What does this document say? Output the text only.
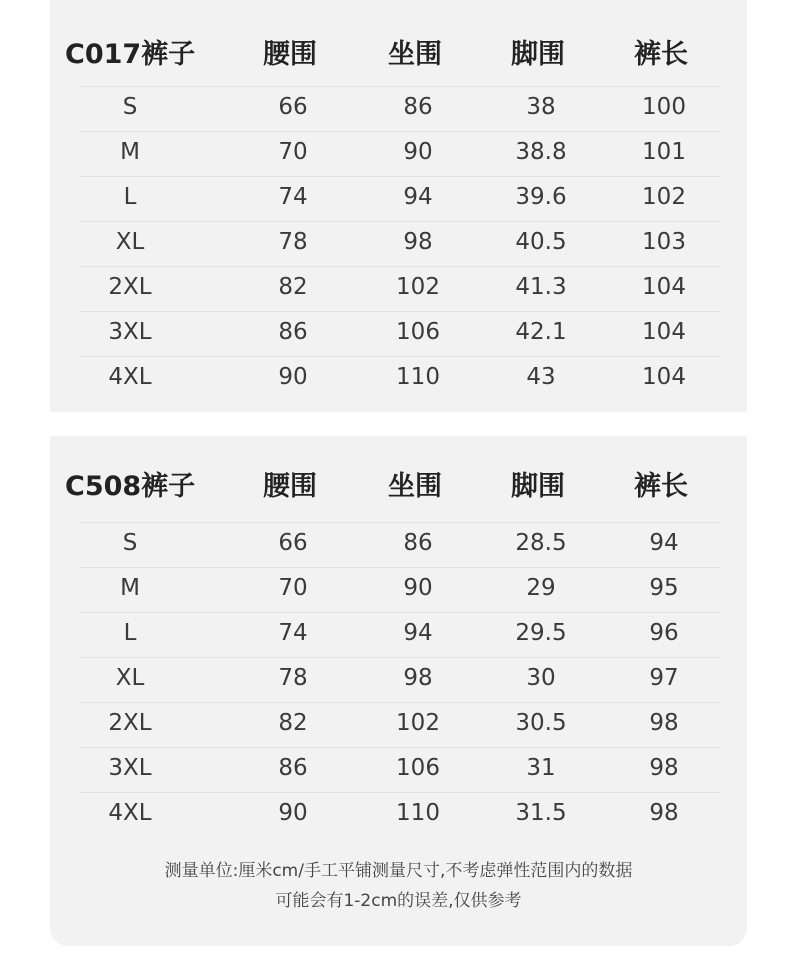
C017裤子	腰围	坐围	脚围	裤长
S	66	86	38	100
M	70	90	38.8	101
L	74	94	39.6	102
XL	78	98	40.5	103
2XL	82	102	41.3	104
3XL	86	106	42.1	104
4XL	90	110	43	104
C508裤子	腰围	坐围	脚围	裤长
测量单位:厘米cm/手工平铺测量尺寸,不考虑弹性范围内的数据
可能会有1-2cm的误差,仅供参考
S	66	86	28.5	94
M	70	90	29	95
L	74	94	29.5	96
XL	78	98	30	97
2XL	82	102	30.5	98
3XL	86	106	31	98
4XL	90	110	31.5	98
